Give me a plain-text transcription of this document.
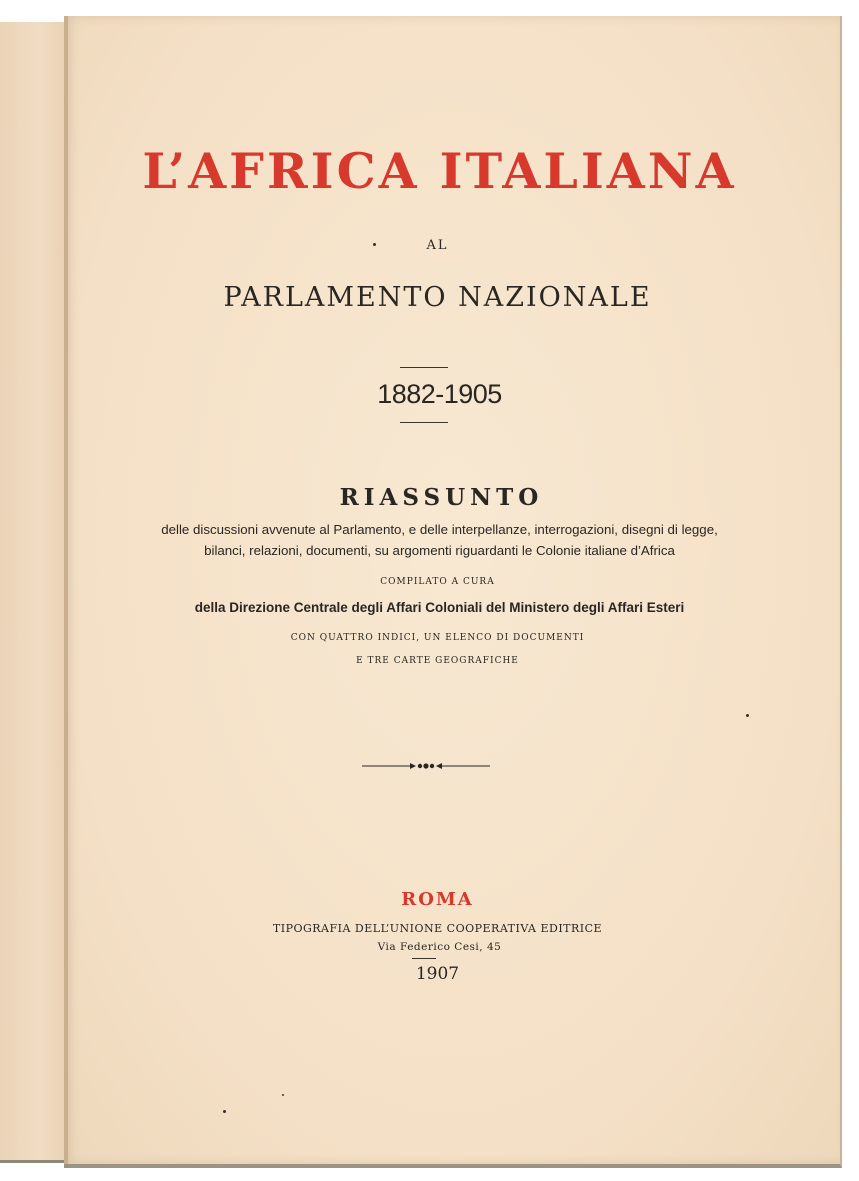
L’AFRICA ITALIANA
AL
PARLAMENTO NAZIONALE
1882-1905
RIASSUNTO
delle discussioni avvenute al Parlamento, e delle interpellanze, interrogazioni, disegni di legge,
bilanci, relazioni, documenti, su argomenti riguardanti le Colonie italiane d’Africa
COMPILATO A CURA
della Direzione Centrale degli Affari Coloniali del Ministero degli Affari Esteri
CON QUATTRO INDICI, UN ELENCO DI DOCUMENTI
E TRE CARTE GEOGRAFICHE
ROMA
TIPOGRAFIA DELL’UNIONE COOPERATIVA EDITRICE
Via Federico Cesi, 45
1907
